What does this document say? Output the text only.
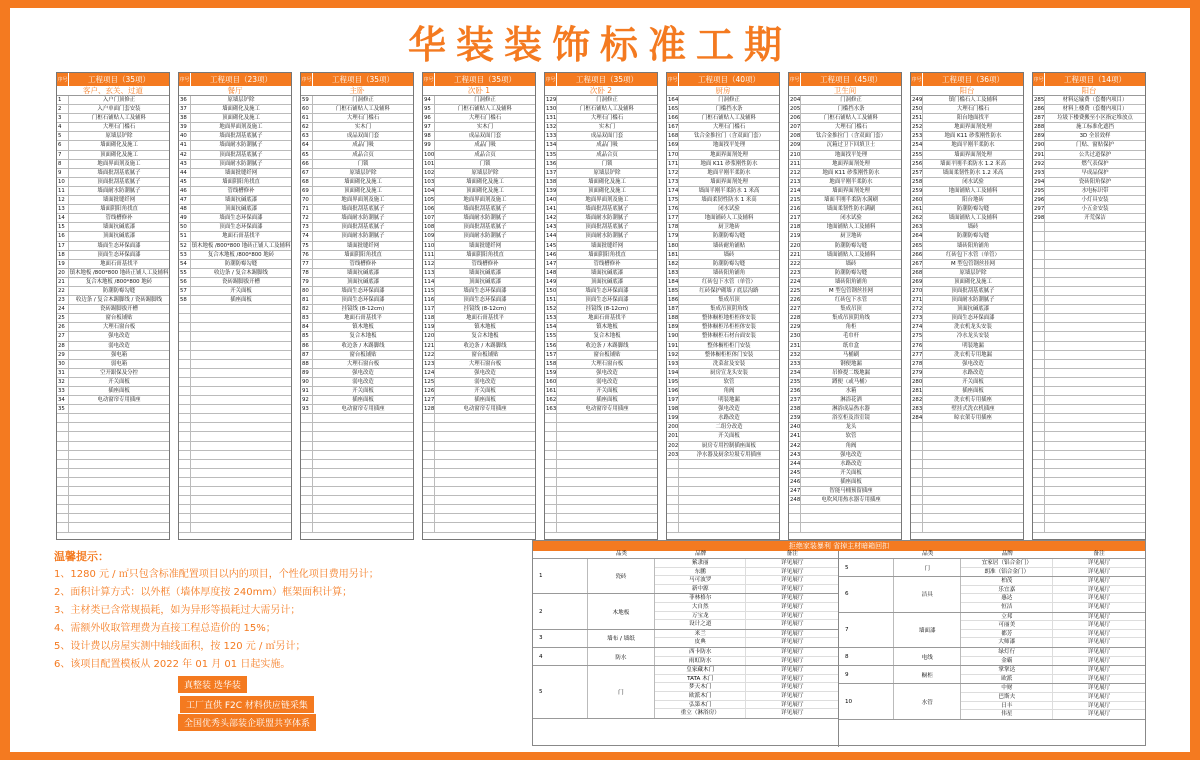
华装装饰标准工期
序号	工程项目（35项）
客户、玄关、过道
1	入户门顶修正
2	入户单面门套安装
3	门框石铺贴人工及辅料
4	大理石门槛石
5	原墙层铲除
6	墙面砌化及施工
7	顶面砌化及施工
8	地面界面剂及施工
9	墙面批刮基底腻子
10	顶面批刮基底腻子
11	墙面耐水防潮腻子
12	墙面批缝纤网
13	墙面阴阳角找直
14	管线槽修补
15	墙面抗碱底漆
16	顶面抗碱底漆
17	墙面生态环保面漆
18	顶面生态环保面漆
19	地面石膏基找平
20 镇木地板 /800*800 地砖正铺人工及辅料
21	复合木地板 /800*800 地砖
22	防潮防霉勾缝
23	收边条 / 复合木踢脚线 / 瓷砖踢脚线
24	瓷砖踢脚拔开槽
25	窗台板铺贴
26	大理石窗台板
27	强电改造
28	弱电改造
29	强电箱
30	弱电箱
31	空开跟保及分控
32	开关面板
33	插座面板
34	电动窗帘专用插座
35
序号	工程项目（23项）
餐厅
36	原墙层铲除
37	墙面砌化及施工
38	顶面砌化及施工
39	地面界面剂及施工
40	墙面批刮基底腻子
41	墙面耐水防潮腻子
42	顶面批刮基底腻子
43	顶面耐水防潮腻子
44	墙面批缝纤网
45	墙面阴阳角找直
46	管线槽修补
47	墙面抗碱底漆
48	顶面抗碱底漆
49	墙面生态环保面漆
50	顶面生态环保面漆
51	地面石膏基找平
52 镇木地板 /800*800 地砖正铺人工及辅料
53	复合木地板 /800*800 地砖
54	防潮防霉勾缝
55	收边条 / 复合木踢脚线
56	瓷砖踢脚拔开槽
57	开关面板
58	插座面板
序号	工程项目（35项）
主卧
59	门洞修正
60	门框石铺贴人工及辅料
61	大理石门槛石
62	实木门
63	成品双面门套
64	成品门吸
65	成品合页
66	门锁
67	原墙层铲除
68	墙面砌化及施工
69	顶面砌化及施工
70	地面界面剂及施工
71	墙面批刮基底腻子
72	墙面耐水防潮腻子
73	顶面批刮基底腻子
74	顶面耐水防潮腻子
75	墙面批缝纤网
76	墙面阴阳角找直
77	管线槽修补
78	墙面抗碱底漆
79	顶面抗碱底漆
80	墙面生态环保面漆
81	顶面生态环保面漆
82	挂镜线 (8-12cm)
83	地面石膏基找平
84	镇木地板
85	复合木地板
86	收边条 / 木踢脚线
87	窗台板铺贴
88	大理石窗台板
89	强电改造
90	弱电改造
91	开关面板
92	插座面板
93	电动窗帘专用插座
序号	工程项目（35项）
次卧 1
94	门洞修正
95	门框石铺贴人工及辅料
96	大理石门槛石
97	实木门
98	成品双面门套
99	成品门吸
100	成品合页
101	门锁
102	原墙层铲除
103	墙面砌化及施工
104	顶面砌化及施工
105	地面界面剂及施工
106	墙面批刮基底腻子
107	墙面耐水防潮腻子
108	顶面批刮基底腻子
109	顶面耐水防潮腻子
110	墙面批缝纤网
111	墙面阴阳角找直
112	管线槽修补
113	墙面抗碱底漆
114	顶面抗碱底漆
115	墙面生态环保面漆
116	顶面生态环保面漆
117	挂镜线 (8-12cm)
118	地面石膏基找平
119	镇木地板
120	复合木地板
121	收边条 / 木踢脚线
122	窗台板铺贴
123	大理石窗台板
124	强电改造
125	弱电改造
126	开关面板
127	插座面板
128	电动窗帘专用插座
序号	工程项目（35项）
次卧 2
129	门洞修正
130	门框石铺贴人工及辅料
131	大理石门槛石
132	实木门
133	成品双面门套
134	成品门吸
135	成品合页
136	门锁
137	原墙层铲除
138	墙面砌化及施工
139	顶面砌化及施工
140	地面界面剂及施工
141	墙面批刮基底腻子
142	墙面耐水防潮腻子
143	顶面批刮基底腻子
144	顶面耐水防潮腻子
145	墙面批缝纤网
146	墙面阴阳角找直
147	管线槽修补
148	墙面抗碱底漆
149	顶面抗碱底漆
150	墙面生态环保面漆
151	顶面生态环保面漆
152	挂镜线 (8-12cm)
153	地面石膏基找平
154	镇木地板
155	复合木地板
156	收边条 / 木踢脚线
157	窗台板铺贴
158	大理石窗台板
159	强电改造
160	弱电改造
161	开关面板
162	插座面板
163	电动窗帘专用插座
序号	工程项目（40项）
厨房
164	门洞修正
165	门槛挡水条
166	门框石铺贴人工及辅料
167	大理石门槛石
168	钛合金推拉门（含双面门套）
169	地面找平处理
170	地面界面剂处理
171	地面 K11 砂浆刚性防水
172	地面平刚半柔防水
173	墙面界面剂处理
174	墙面半刚半柔防水 1 米高
175	墙面柔韧性防水 1 米高
176	闭水试验
177	地面铺砖人工及辅料
178	厨卫地砖
179	防潮防霉勾缝
180	墙砖耐角铺贴
181	墙砖
182	防潮防霉勾缝
183	墙砖阳角铺角
184	红砖包下水管（单管）
185	红砖保护砌墙 / 底层沟路
186	集成吊顶
187	集成吊顶阴角线
188	整体橱柜地柜柜体安装
189	整体橱柜吊柜柜体安装
190	整体橱柜石材台面安装
191	整体橱柜柜门安装
192	整体橱柜柜体门安装
193	洗菜盆及安装
194	厨房宣龙头安装
195	软管
196	角阀
197	明装地漏
198	强电改造
199	水路改造
200	二组分改造
201	开关面板
202	厨房专用控制插座面板
203	净水器及厨余垃圾专用插座
序号	工程项目（45项）
卫生间
204	门洞修正
205	门槛挡水条
206	门框石铺贴人工及辅料
207	大理石门槛石
208	钛合金推拉门（含双面门套）
209	沉箱过卫下回填卫士
210	地面找平处理
211	地面界面剂处理
212	地面 K11 砂浆刚性防水
213	地面平刚半柔防水
214	墙面界面剂处理
215	墙面半刚半柔防水满刷
216	墙面柔韧性防水满刷
217	闭水试验
218	地面铺贴人工及辅料
219	厨卫地砖
220	防潮防霉勾缝
221	墙面铺贴人工及辅料
222	墙砖
223	防潮防霉勾缝
224	墙砖阳角铺角
225	M 型包管钢丝挂网
226	红砖包下水管
227	集成吊顶
228	集成吊顶阴角线
229	角柜
230	毛巾杆
231	纸巾盒
232	马桶刷
233	钢便地漏
234	吊修提二级地漏
235	蹲便（或马桶）
236	水箱
237	淋浴花洒
238	淋浴成品热水器
239	浴室柜及浴室镜
240	龙头
241	软管
242	角阀
243	强电改造
244	水路改造
245	开关面板
246	插座面板
247	智能马桶预留插座
248	电吹风用热水器专用插座
序号	工程项目（36项）
阳台
249	镇门槛石人工及辅料
250	大理石门槛石
251	阳台地面找平
252	地面界面剂处理
253	地面 K11 砂浆刚性防水
254	地面平刚半柔防水
255	墙面界面剂处理
256	墙面平刚半柔防水 1.2 米高
257	墙面柔韧性防水 1.2 米高
258	闭水试验
259	地面铺贴人工及辅料
260	阳台地砖
261	防潮防霉勾缝
262	墙面铺贴人工及辅料
263	墙砖
264	防潮防霉勾缝
265	墙砖阳角铺角
266	红砖包下水管（单管）
267	M 型包管钢丝挂网
268	原墙层铲除
269	顶面砌化及施工
270	顶面批刮基底腻子
271	顶面耐水防潮腻子
272	顶面抗碱底漆
273	顶面生态环保面漆
274	洗衣机龙头安装
275	冷水龙头安装
276	明装地漏
277	洗衣机专用地漏
278	强电改造
279	水路改造
280	开关面板
281	插座面板
282	洗衣机专用插座
283	壁挂式洗衣机插座
284	晾衣架专用插座
序号	工程项目（14项）
阳台
285	材料运输费（套餐内项目）
286	材料上楼费（套餐内项目）
287	垃圾下楼费搬至小区指定堆放点
288	施工标准化遮挡
289	3D 全景效样
290	门贴、窗贴保护
291	公共过道保护
292	燃气表保护
293	早成品保护
294	瓷砖阳角保护
295	水电标识带
296	小灯具安装
297	小五金安装
298	开荒保洁
温馨提示：
1、1280 元 / ㎡只包含标准配置项目以内的项目，个性化项目费用另计；
2、面积计算方式：以外框（墙体厚度按 240mm）框架面积计算；
3、主材类已含常规损耗，如为异形等损耗过大需另计；
4、需额外收取管理费为直接工程总造价的 15%；
5、设计费以房屋实测中轴线面积，按 120 元 / ㎡另计；
6、该项目配置模板从 2022 年 01 月 01 日起实施。
真整装 选华装
工厂直供 F2C 材料供应链采集
全国优秀头部装企联盟共享体系
拒绝家装暴利 省掉主材暗箱回扣
品类	品牌	备注
1	瓷砖
萦隶丽	详见展厅
东鹏	详见展厅
马可波罗	详见展厅
新中源	详见展厅
2	木地板
菲林格尔	详见展厅
大自然	详见展厅
万宝龙	详见展厅
设计之道	详见展厅
3	墙布 / 墙纸
米兰	详见展厅
皮典	详见展厅
4	防水
西卡防水	详见展厅
雨虹防水	详见展厅
5	门
皇家藏木门	详见展厅
TATA 木门	详见展厅
梦天木门	详见展厅
欧派木门	详见展厅
弘第木门	详见展厅
重立（淋浴房）	详见展厅
品类	品牌	备注
5	门
宜家居（铝合金门）	详见展厅
朗准（铝合金门）	详见展厅
6	洁具
柏茂	详见展厅
乐宜嘉	详见展厅
惠达	详见展厅
恒洁	详见展厅
7	墙面漆
立邦	详见展厅
可丽美	详见展厅
都芳	详见展厅
大师漆	详见展厅
8	电线
绿灯行	详见展厅
金霸	详见展厅
9	橱柜
掌掌达	详见展厅
欧派	详见展厅
10	水管
中财	详见展厅
巴斯夫	详见展厅
日丰	详见展厅
伟星	详见展厅
